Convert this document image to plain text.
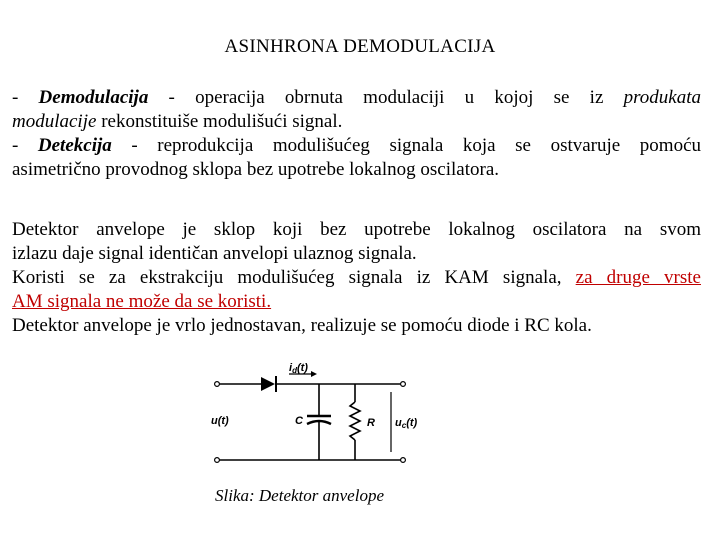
ASINHRONA DEMODULACIJA
- Demodulacija - operacija obrnuta modulaciji u kojoj se iz produkata
modulacije rekonstituiše modulišući signal.
- Detekcija - reprodukcija modulišućeg signala koja se ostvaruje pomoću
asimetrično provodnog sklopa bez upotrebe lokalnog oscilatora.
Detektor anvelope je sklop koji bez upotrebe lokalnog oscilatora na svom
izlazu daje signal identičan anvelopi ulaznog signala.
Koristi se za ekstrakciju modulišućeg signala iz KAM signala, za druge vrste
AM signala ne može da se koristi.
Detektor anvelope je vrlo jednostavan, realizuje se pomoću diode i RC kola.
id(t)
u(t)	C	R uc(t)
Slika: Detektor anvelope
